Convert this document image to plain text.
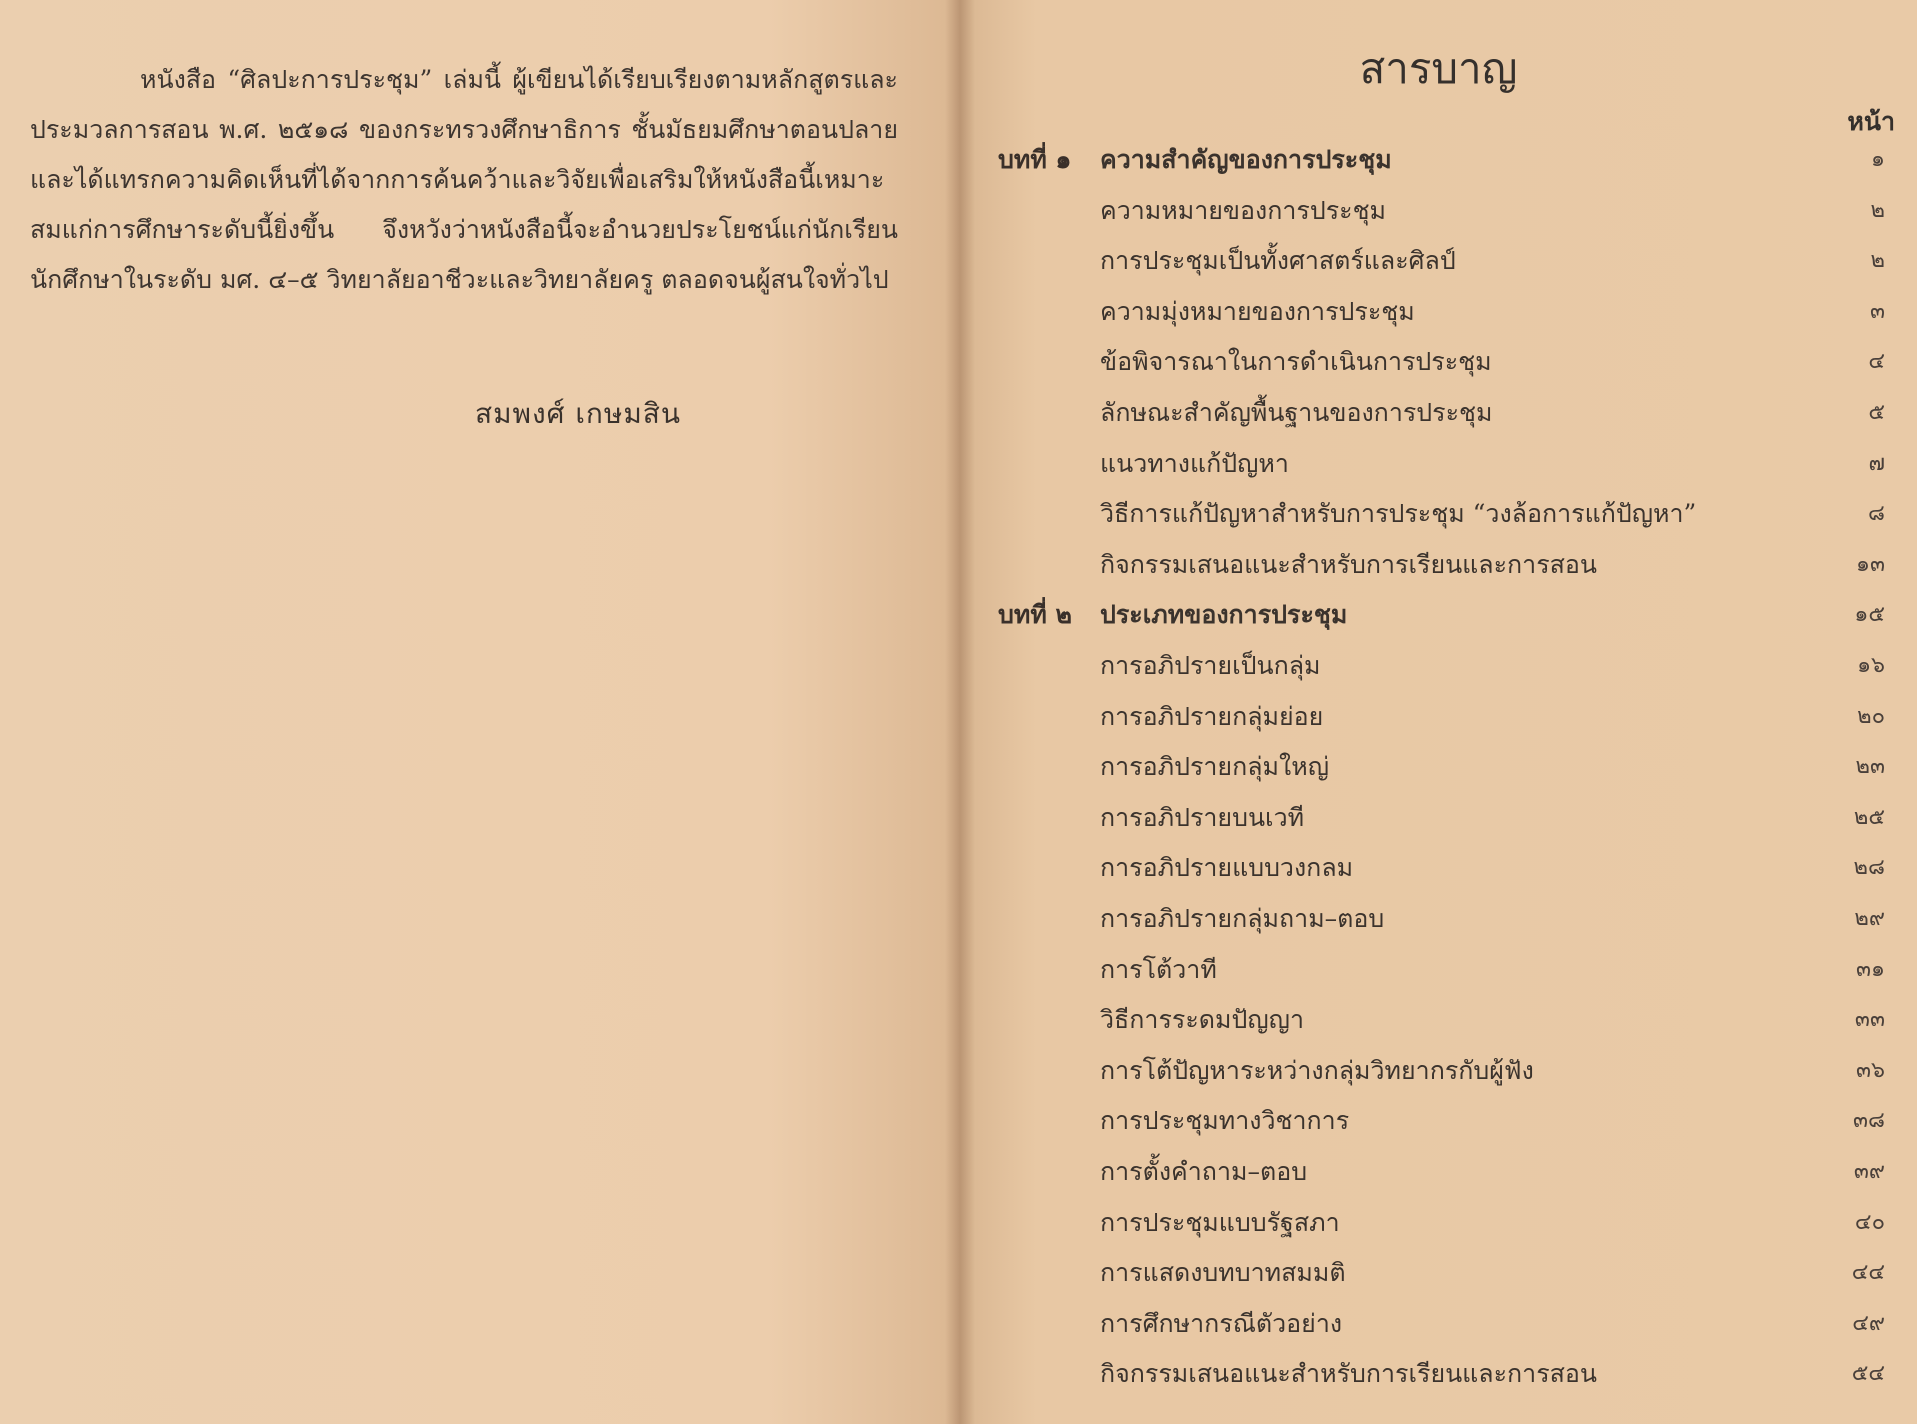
หนังสือ “ศิลปะการประชุม” เล่มนี้ ผู้เขียนได้เรียบเรียงตามหลักสูตรและประมวลการสอน พ.ศ. ๒๕๑๘ ของกระทรวงศึกษาธิการ ชั้นมัธยมศึกษาตอนปลาย และได้แทรกความคิดเห็นที่ได้จากการค้นคว้าและวิจัยเพื่อเสริมให้หนังสือนี้เหมาะสมแก่การศึกษาระดับนี้ยิ่งขึ้น จึงหวังว่าหนังสือนี้จะอำนวยประโยชน์แก่นักเรียน นักศึกษาในระดับ มศ. ๔–๕ วิทยาลัยอาชีวะและวิทยาลัยครู ตลอดจนผู้สนใจทั่วไป

สมพงศ์ เกษมสิน
สารบาญ
หน้า
บทที่ ๑ ความสำคัญของการประชุม	๑
ความหมายของการประชุม	๒
การประชุมเป็นทั้งศาสตร์และศิลป์	๒
ความมุ่งหมายของการประชุม	๓
ข้อพิจารณาในการดำเนินการประชุม	๔
ลักษณะสำคัญพื้นฐานของการประชุม	๕
แนวทางแก้ปัญหา	๗
วิธีการแก้ปัญหาสำหรับการประชุม “วงล้อการแก้ปัญหา”	๘
กิจกรรมเสนอแนะสำหรับการเรียนและการสอน	๑๓
บทที่ ๒ ประเภทของการประชุม	๑๕
การอภิปรายเป็นกลุ่ม	๑๖
การอภิปรายกลุ่มย่อย	๒๐
การอภิปรายกลุ่มใหญ่	๒๓
การอภิปรายบนเวที	๒๕
การอภิปรายแบบวงกลม	๒๘
การอภิปรายกลุ่มถาม–ตอบ	๒๙
การโต้วาที	๓๑
วิธีการระดมปัญญา	๓๓
การโต้ปัญหาระหว่างกลุ่มวิทยากรกับผู้ฟัง	๓๖
การประชุมทางวิชาการ	๓๘
การตั้งคำถาม–ตอบ	๓๙
การประชุมแบบรัฐสภา	๔๐
การแสดงบทบาทสมมติ	๔๔
การศึกษากรณีตัวอย่าง	๔๙
กิจกรรมเสนอแนะสำหรับการเรียนและการสอน	๕๔
